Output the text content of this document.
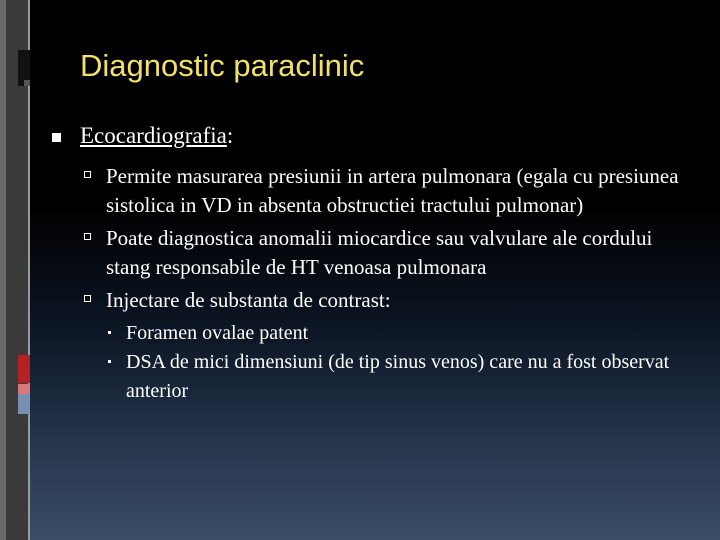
Diagnostic paraclinic

Ecocardiografia:

Permite masurarea presiunii in artera pulmonara (egala cu presiunea sistolica in VD in absenta obstructiei tractului pulmonar)

Poate diagnostica anomalii miocardice sau valvulare ale cordului stang responsabile de HT venoasa pulmonara

Injectare de substanta de contrast:

Foramen ovalae patent

DSA de mici dimensiuni (de tip sinus venos) care nu a fost observat anterior
